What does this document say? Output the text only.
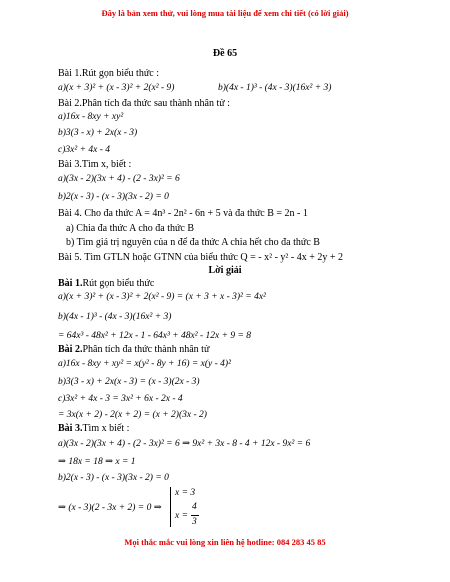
Đây là bản xem thử, vui lòng mua tài liệu để xem chi tiết (có lời giải)
Đề 65
Bài 1.Rút gọn biểu thức :
a)(x + 3)² + (x - 3)² + 2(x² - 9)	b)(4x - 1)³ - (4x - 3)(16x² + 3)
Bài 2.Phân tích đa thức sau thành nhân tử :
a)16x - 8xy + xy²
b)3(3 - x) + 2x(x - 3)
c)3x² + 4x - 4
Bài 3.Tìm x, biết :
a)(3x - 2)(3x + 4) - (2 - 3x)² = 6
b)2(x - 3) - (x - 3)(3x - 2) = 0
Bài 4. Cho đa thức A = 4n³ - 2n² - 6n + 5 và đa thức B = 2n - 1
a) Chia đa thức A cho đa thức B
b) Tìm giá trị nguyên của n để đa thức A chia hết cho đa thức B
Bài 5. Tìm GTLN hoặc GTNN của biểu thức Q = - x² - y² - 4x + 2y + 2
Lời giải
Bài 1.Rút gọn biểu thức
a)(x + 3)² + (x - 3)² + 2(x² - 9) = (x + 3 + x - 3)² = 4x²
b)(4x - 1)³ - (4x - 3)(16x² + 3)
= 64x³ - 48x² + 12x - 1 - 64x³ + 48x² - 12x + 9 = 8
Bài 2.Phân tích đa thức thành nhân tử
a)16x - 8xy + xy² = x(y² - 8y + 16) = x(y - 4)²
b)3(3 - x) + 2x(x - 3) = (x - 3)(2x - 3)
c)3x² + 4x - 3 = 3x² + 6x - 2x - 4
= 3x(x + 2) - 2(x + 2) = (x + 2)(3x - 2)
Bài 3.Tìm x biết :
a)(3x - 2)(3x + 4) - (2 - 3x)² = 6 ⇒ 9x² + 3x - 8 - 4 + 12x - 9x² = 6
⇒ 18x = 18 ⇒ x = 1
b)2(x - 3) - (x - 3)(3x - 2) = 0
⇒ (x - 3)(2 - 3x + 2) = 0 ⇒
x = 3
x =
4
3
Mọi thắc mắc vui lòng xin liên hệ hotline: 084 283 45 85
